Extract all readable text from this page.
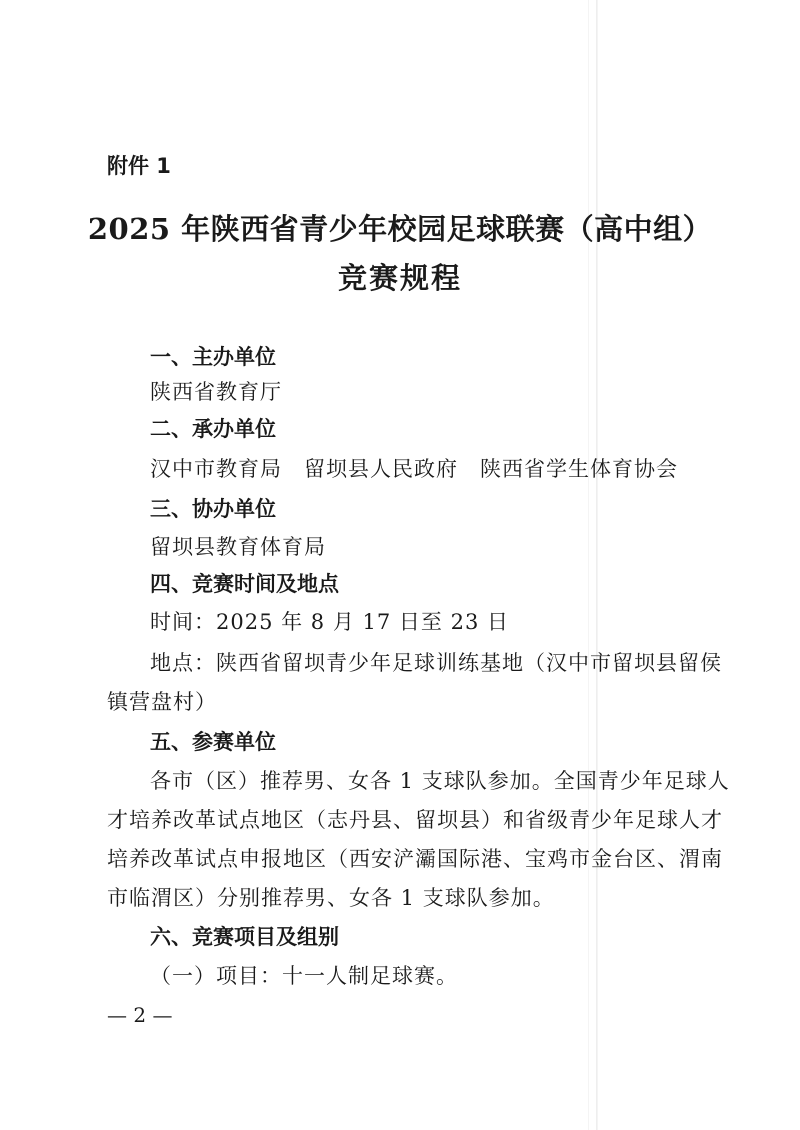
附件 1
2025 年陕西省青少年校园足球联赛（高中组）
竞赛规程
一、主办单位
陕西省教育厅
二、承办单位
汉中市教育局　留坝县人民政府　陕西省学生体育协会
三、协办单位
留坝县教育体育局
四、竞赛时间及地点
时间：2025 年 8 月 17 日至 23 日
地点：陕西省留坝青少年足球训练基地（汉中市留坝县留侯
镇营盘村）
五、参赛单位
各市（区）推荐男、女各 1 支球队参加。全国青少年足球人
才培养改革试点地区（志丹县、留坝县）和省级青少年足球人才
培养改革试点申报地区（西安浐灞国际港、宝鸡市金台区、渭南
市临渭区）分别推荐男、女各 1 支球队参加。
六、竞赛项目及组别
（一）项目：十一人制足球赛。
— 2 —
